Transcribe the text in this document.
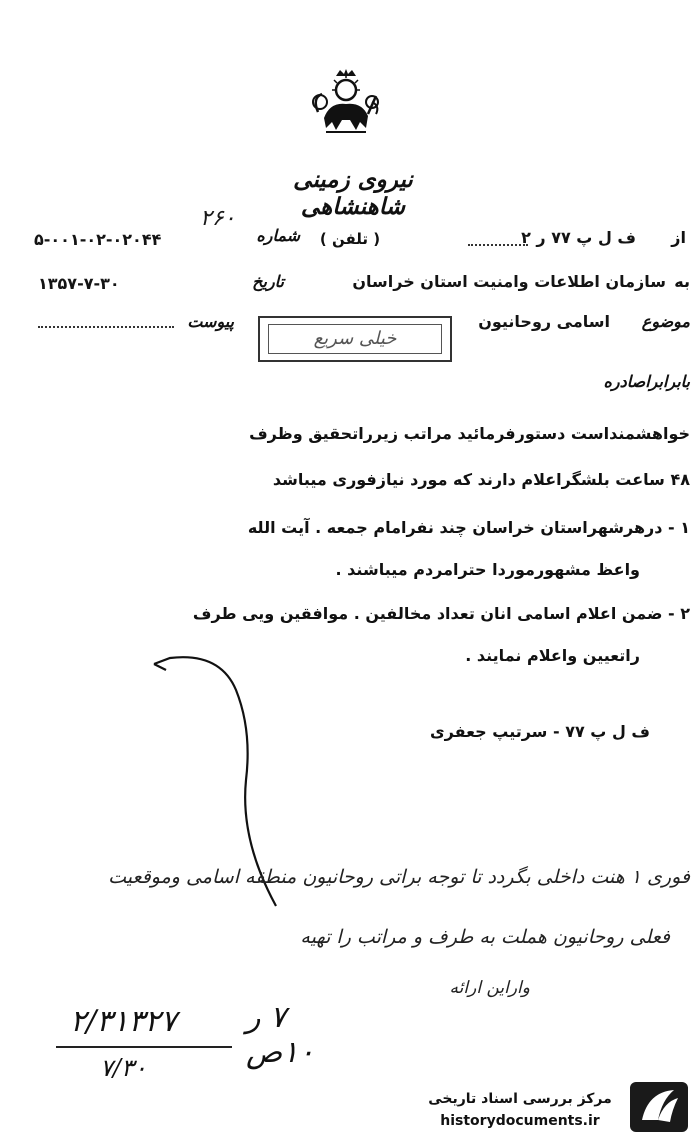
نیروی زمینی شاهنشاهی
از
ف ل پ ۷۷ ر ۲
( تلفن )
شماره
۵-۰۰۱-۰۲-۰۲۰۴۴
۲۶۰
به
سازمان اطلاعات وامنیت استان خراسان
تاریخ
۱۳۵۷-۷-۳۰
موضوع
اسامی روحانیون
پیوست
خیلی سریع
بابرابراصادره
خواهشمنداست دستورفرمائید مراتب زیرراتحقیق وظرف
۴۸ ساعت بلشگراعلام دارند که مورد نیازفوری میباشد
۱ - درهرشهراستان خراسان چند نفرامام جمعه . آیت الله
واعظ مشهورموردا حترامردم میباشند .
۲ - ضمن اعلام اسامی انان تعداد مخالفین . موافقین ویی طرف
راتعیین واعلام نمایند .
ف ل پ ۷۷ - سرتیپ جعفری
فوری ۱ هنت داخلی بگردد تا توجه براتی روحانیون منطقه اسامی وموقعیت
فعلی روحانیون هملت به طرف و مراتب را تهیه
واراین ارائه
۲/۳۱۳۲۷
۷/۳۰
۷ ر ۱۰ص
مرکز بررسی اسناد تاریخی
historydocuments.ir
